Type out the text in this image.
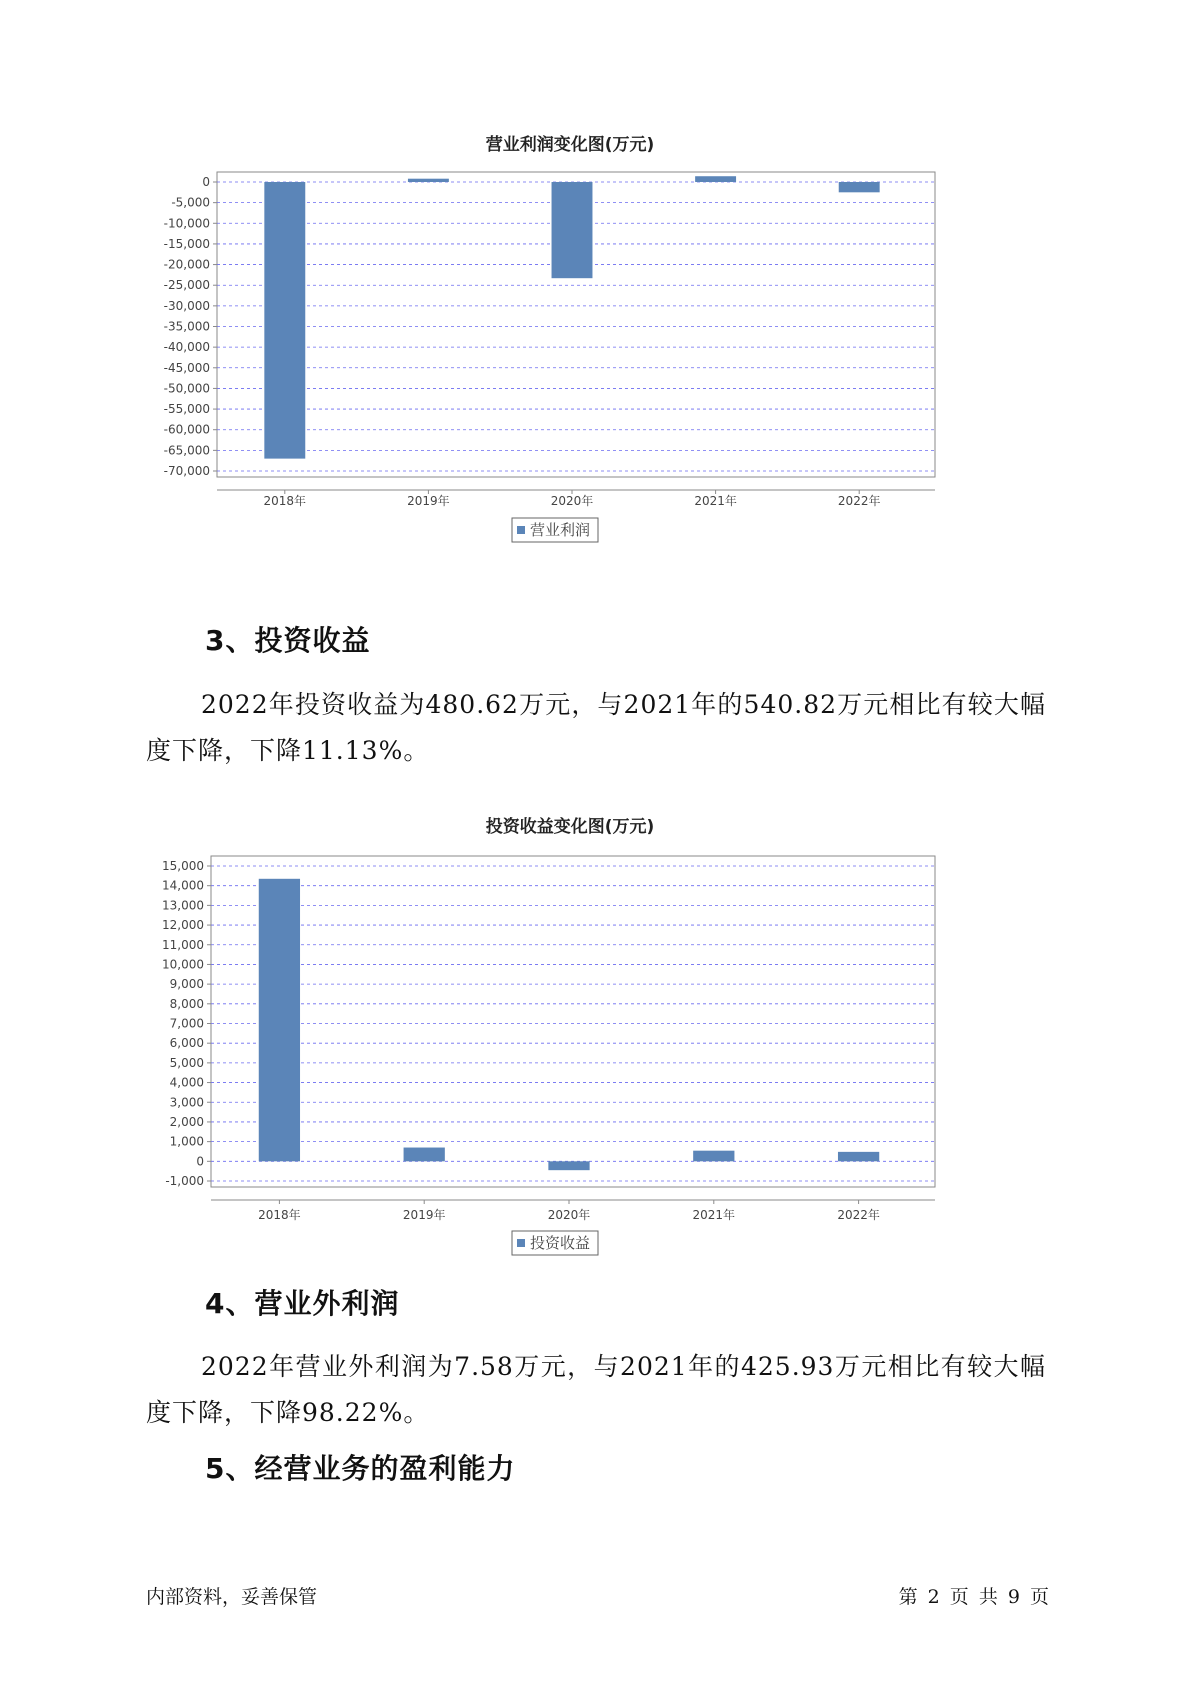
营业利润变化图(万元)
0
-5,000
-10,000
-15,000
-20,000
-25,000
-30,000
-35,000
-40,000
-45,000
-50,000
-55,000
-60,000
-65,000
-70,000
2018年	2019年	2020年	2021年	2022年
营业利润
3、投资收益

2022年投资收益为480.62万元，与2021年的540.82万元相比有较大幅度下降，下降11.13%。

投资收益变化图(万元)
15,000
14,000
13,000
12,000
11,000
10,000
9,000
8,000
7,000
6,000
5,000
4,000
3,000
2,000
1,000
0
-1,000
2018年	2019年	2020年	2021年	2022年
投资收益
4、营业外利润

2022年营业外利润为7.58万元，与2021年的425.93万元相比有较大幅度下降，下降98.22%。

5、经营业务的盈利能力
内部资料，妥善保管	第 2 页 共 9 页
